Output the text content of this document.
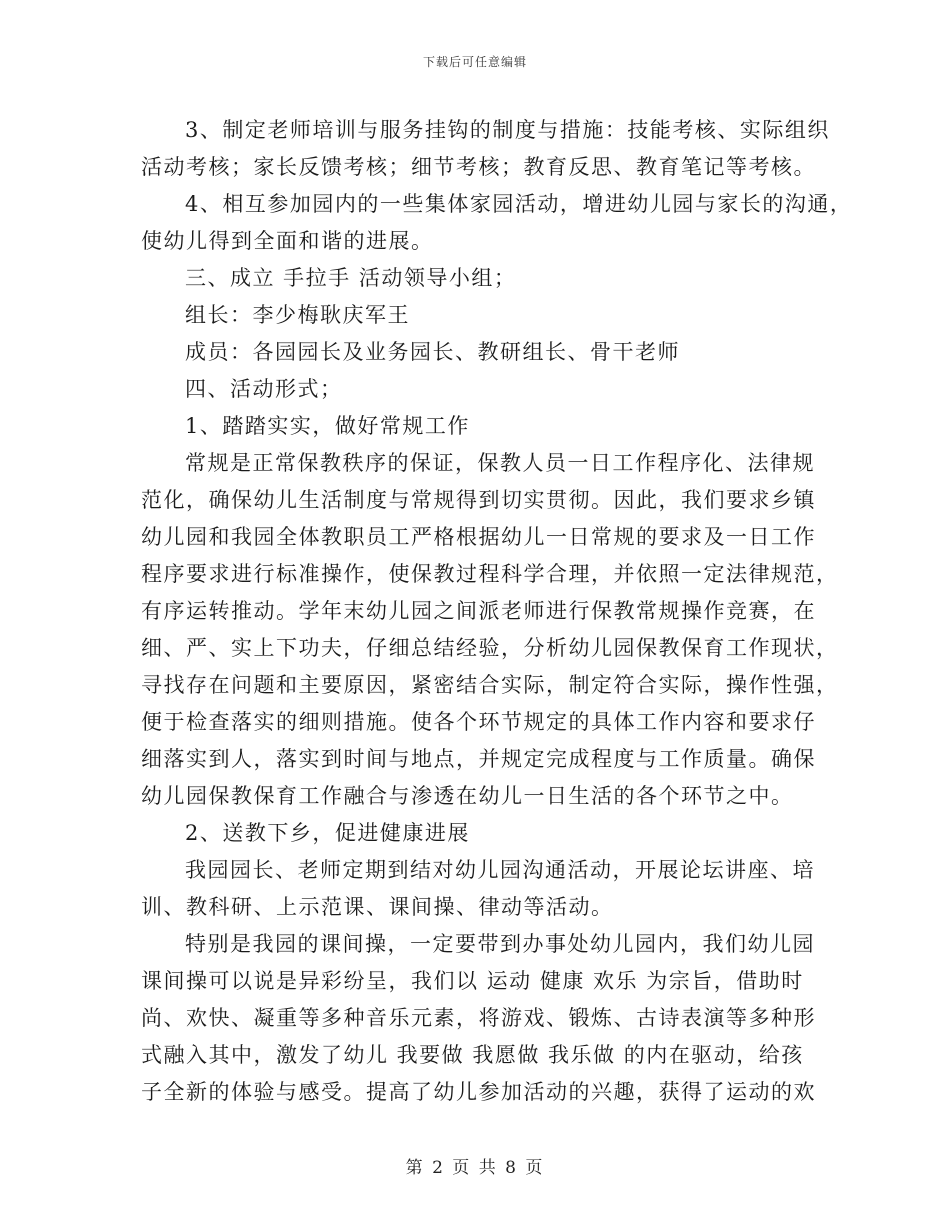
下载后可任意编辑
3、制定老师培训与服务挂钩的制度与措施：技能考核、实际组织
活动考核；家长反馈考核；细节考核；教育反思、教育笔记等考核。
4、相互参加园内的一些集体家园活动，增进幼儿园与家长的沟通，
使幼儿得到全面和谐的进展。
三、成立 手拉手 活动领导小组；
组长：李少梅耿庆军王
成员：各园园长及业务园长、教研组长、骨干老师
四、活动形式；
1、踏踏实实，做好常规工作
常规是正常保教秩序的保证，保教人员一日工作程序化、法律规
范化，确保幼儿生活制度与常规得到切实贯彻。因此，我们要求乡镇
幼儿园和我园全体教职员工严格根据幼儿一日常规的要求及一日工作
程序要求进行标准操作，使保教过程科学合理，并依照一定法律规范，
有序运转推动。学年末幼儿园之间派老师进行保教常规操作竞赛，在
细、严、实上下功夫，仔细总结经验，分析幼儿园保教保育工作现状，
寻找存在问题和主要原因，紧密结合实际，制定符合实际，操作性强，
便于检查落实的细则措施。使各个环节规定的具体工作内容和要求仔
细落实到人，落实到时间与地点，并规定完成程度与工作质量。确保
幼儿园保教保育工作融合与渗透在幼儿一日生活的各个环节之中。
2、送教下乡，促进健康进展
我园园长、老师定期到结对幼儿园沟通活动，开展论坛讲座、培
训、教科研、上示范课、课间操、律动等活动。
特别是我园的课间操，一定要带到办事处幼儿园内，我们幼儿园
课间操可以说是异彩纷呈，我们以 运动 健康 欢乐 为宗旨，借助时
尚、欢快、凝重等多种音乐元素，将游戏、锻炼、古诗表演等多种形
式融入其中，激发了幼儿 我要做 我愿做 我乐做 的内在驱动，给孩
子全新的体验与感受。提高了幼儿参加活动的兴趣，获得了运动的欢
第 2 页 共 8 页
